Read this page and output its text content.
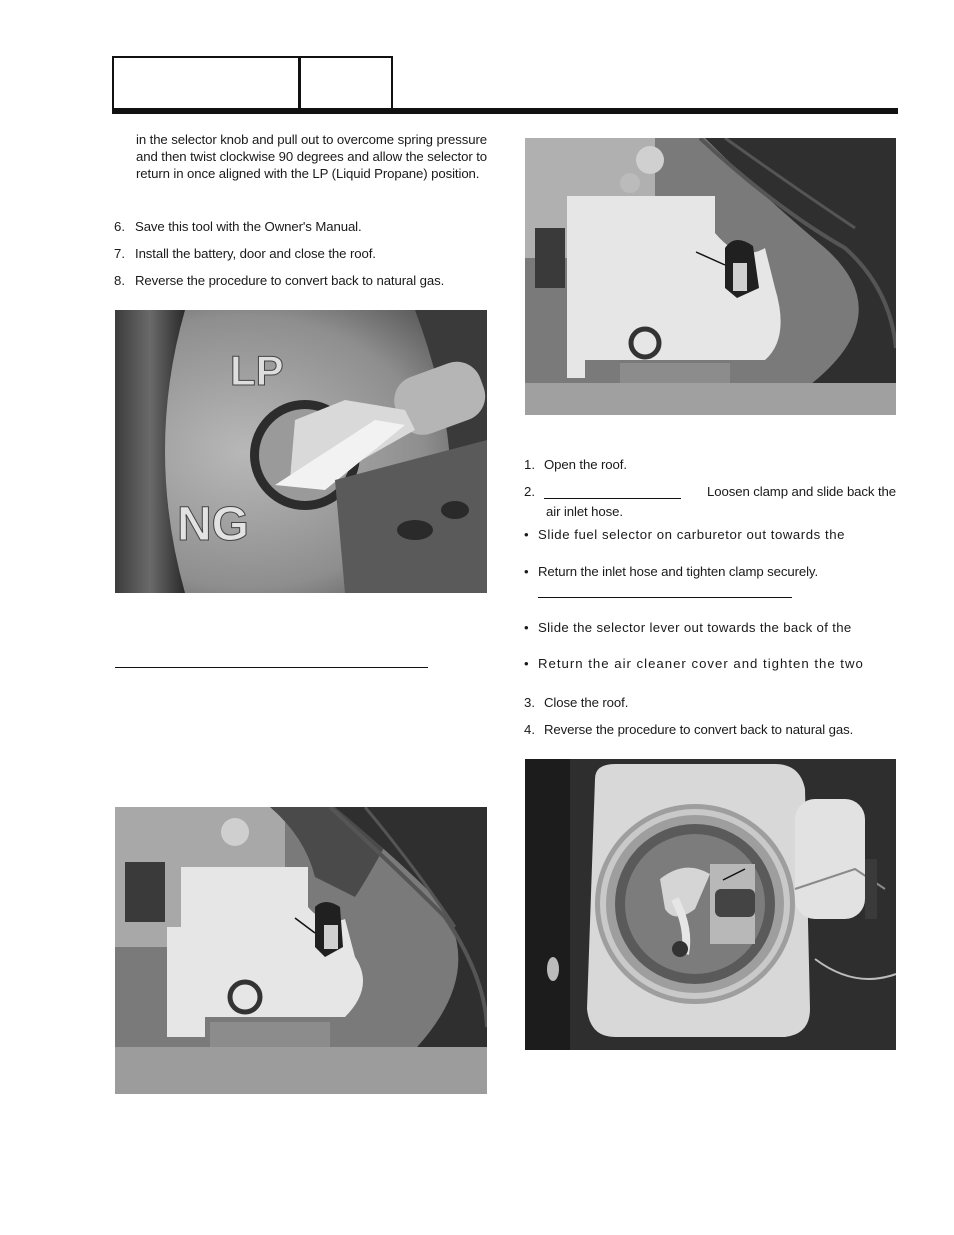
in the selector knob and pull out to overcome spring pressure and then twist clockwise 90 degrees and allow the selector to return in once aligned with the LP (Liquid Propane) position.
6. Save this tool with the Owner's Manual.
7. Install the battery, door and close the roof.
8. Reverse the procedure to convert back to natural gas.
LP
NG
1. Open the roof.
2.	Loosen clamp and slide back the
air inlet hose.
• Slide fuel selector on carburetor out towards the
• Return the inlet hose and tighten clamp securely.
• Slide the selector lever out towards the back of the
• Return the air cleaner cover and tighten the two
3. Close the roof.
4. Reverse the procedure to convert back to natural gas.
